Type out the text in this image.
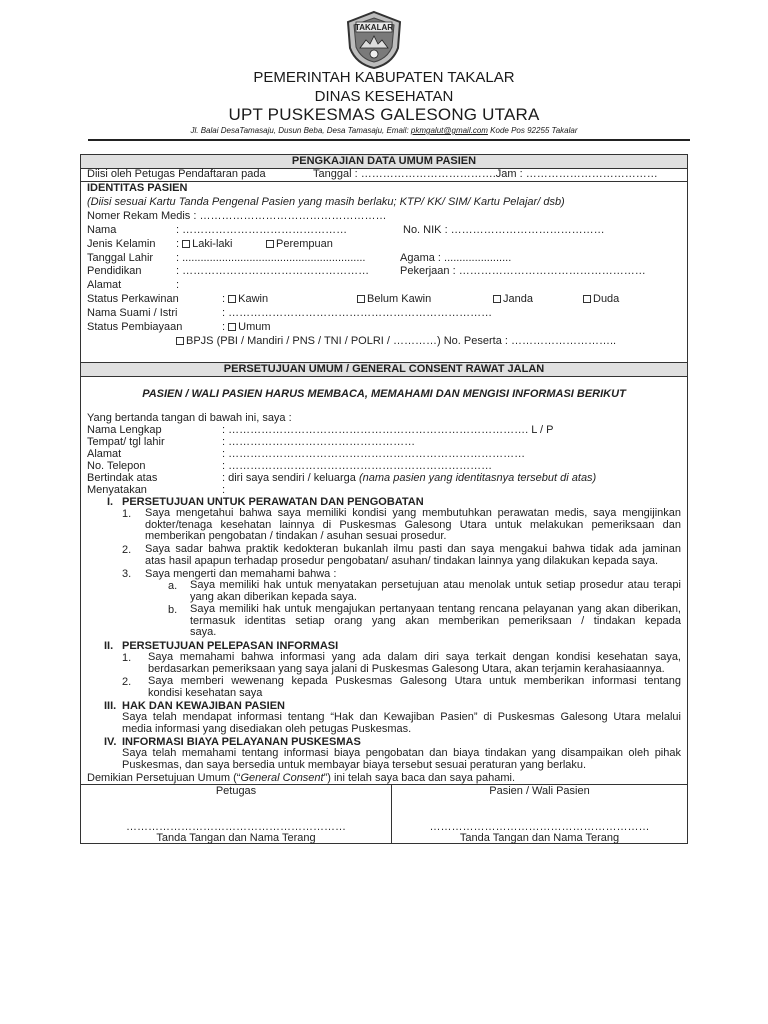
TAKALAR
PEMERINTAH KABUPATEN TAKALAR
DINAS KESEHATAN
UPT PUSKESMAS GALESONG UTARA
Jl. Balai DesaTamasaju, Dusun Beba, Desa Tamasaju, Email: pkmgalut@gmail.com Kode Pos 92255 Takalar
PENGKAJIAN DATA UMUM PASIEN
Diisi oleh Petugas Pendaftaran pada	Tanggal : ……………………………….Jam : ………………………………
IDENTITAS PASIEN
(Diisi sesuai Kartu Tanda Pengenal Pasien yang masih berlaku; KTP/ KK/ SIM/ Kartu Pelajar/ dsb)
Nomer Rekam Medis : ……………………………………………
Nama	: ………………………………………	No. NIK : ……………………………………
Jenis Kelamin : Laki-laki	Perempuan
Tanggal Lahir : ............................................................	Agama : ......................
Pendidikan	: ……………………………………………	Pekerjaan : ……………………………………………
Alamat	:
Status Perkawinan	: Kawin	Belum Kawin	Janda	Duda
Nama Suami / Istri	: ………………………………………………………………
Status Pembiayaan	: Umum
BPJS (PBI / Mandiri / PNS / TNI / POLRI / …………) No. Peserta : ………………………..
PERSETUJUAN UMUM / GENERAL CONSENT RAWAT JALAN
PASIEN / WALI PASIEN HARUS MEMBACA, MEMAHAMI DAN MENGISI INFORMASI BERIKUT
Yang bertanda tangan di bawah ini, saya :
Nama Lengkap	: ………………………………………………………………………. L / P
Tempat/ tgl lahir	: ……………………………………………
Alamat	: ………………………………………………………………………
No. Telepon	: ………………………………………………………………
Bertindak atas	: diri saya sendiri / keluarga (nama pasien yang identitasnya tersebut di atas)
Menyatakan	:
I. PERSETUJUAN UNTUK PERAWATAN DAN PENGOBATAN
1. Saya mengetahui bahwa saya memiliki kondisi yang membutuhkan perawatan medis, saya mengijinkan dokter/tenaga kesehatan lainnya di Puskesmas Galesong Utara untuk melakukan pemeriksaan dan
memberikan pengobatan / tindakan / asuhan sesuai prosedur.
2. Saya sadar bahwa praktik kedokteran bukanlah ilmu pasti dan saya mengakui bahwa tidak ada jaminan
atas hasil apapun terhadap prosedur pengobatan/ asuhan/ tindakan lainnya yang dilakukan kepada saya.
3. Saya mengerti dan memahami bahwa :
a. Saya memiliki hak untuk menyatakan persetujuan atau menolak untuk setiap prosedur atau terapi
yang akan diberikan kepada saya.
b. Saya memiliki hak untuk mengajukan pertanyaan tentang rencana pelayanan yang akan diberikan, termasuk identitas setiap orang yang akan memberikan pemeriksaan / tindakan kepada
saya.
II. PERSETUJUAN PELEPASAN INFORMASI
1. Saya memahami bahwa informasi yang ada dalam diri saya terkait dengan kondisi kesehatan saya,
berdasarkan pemeriksaan yang saya jalani di Puskesmas Galesong Utara, akan terjamin kerahasiaannya.
2. Saya memberi wewenang kepada Puskesmas Galesong Utara untuk memberikan informasi tentang
kondisi kesehatan saya
III. HAK DAN KEWAJIBAN PASIEN
Saya telah mendapat informasi tentang “Hak dan Kewajiban Pasien” di Puskesmas Galesong Utara melalui
media informasi yang disediakan oleh petugas Puskesmas.
IV. INFORMASI BIAYA PELAYANAN PUSKESMAS
Saya telah memahami tentang informasi biaya pengobatan dan biaya tindakan yang disampaikan oleh pihak
Puskesmas, dan saya bersedia untuk membayar biaya tersebut sesuai peraturan yang berlaku.
Demikian Persetujuan Umum (“General Consent”) ini telah saya baca dan saya pahami.
Petugas	Pasien / Wali Pasien
……………………………………………………	……………………………………………………
Tanda Tangan dan Nama Terang	Tanda Tangan dan Nama Terang
